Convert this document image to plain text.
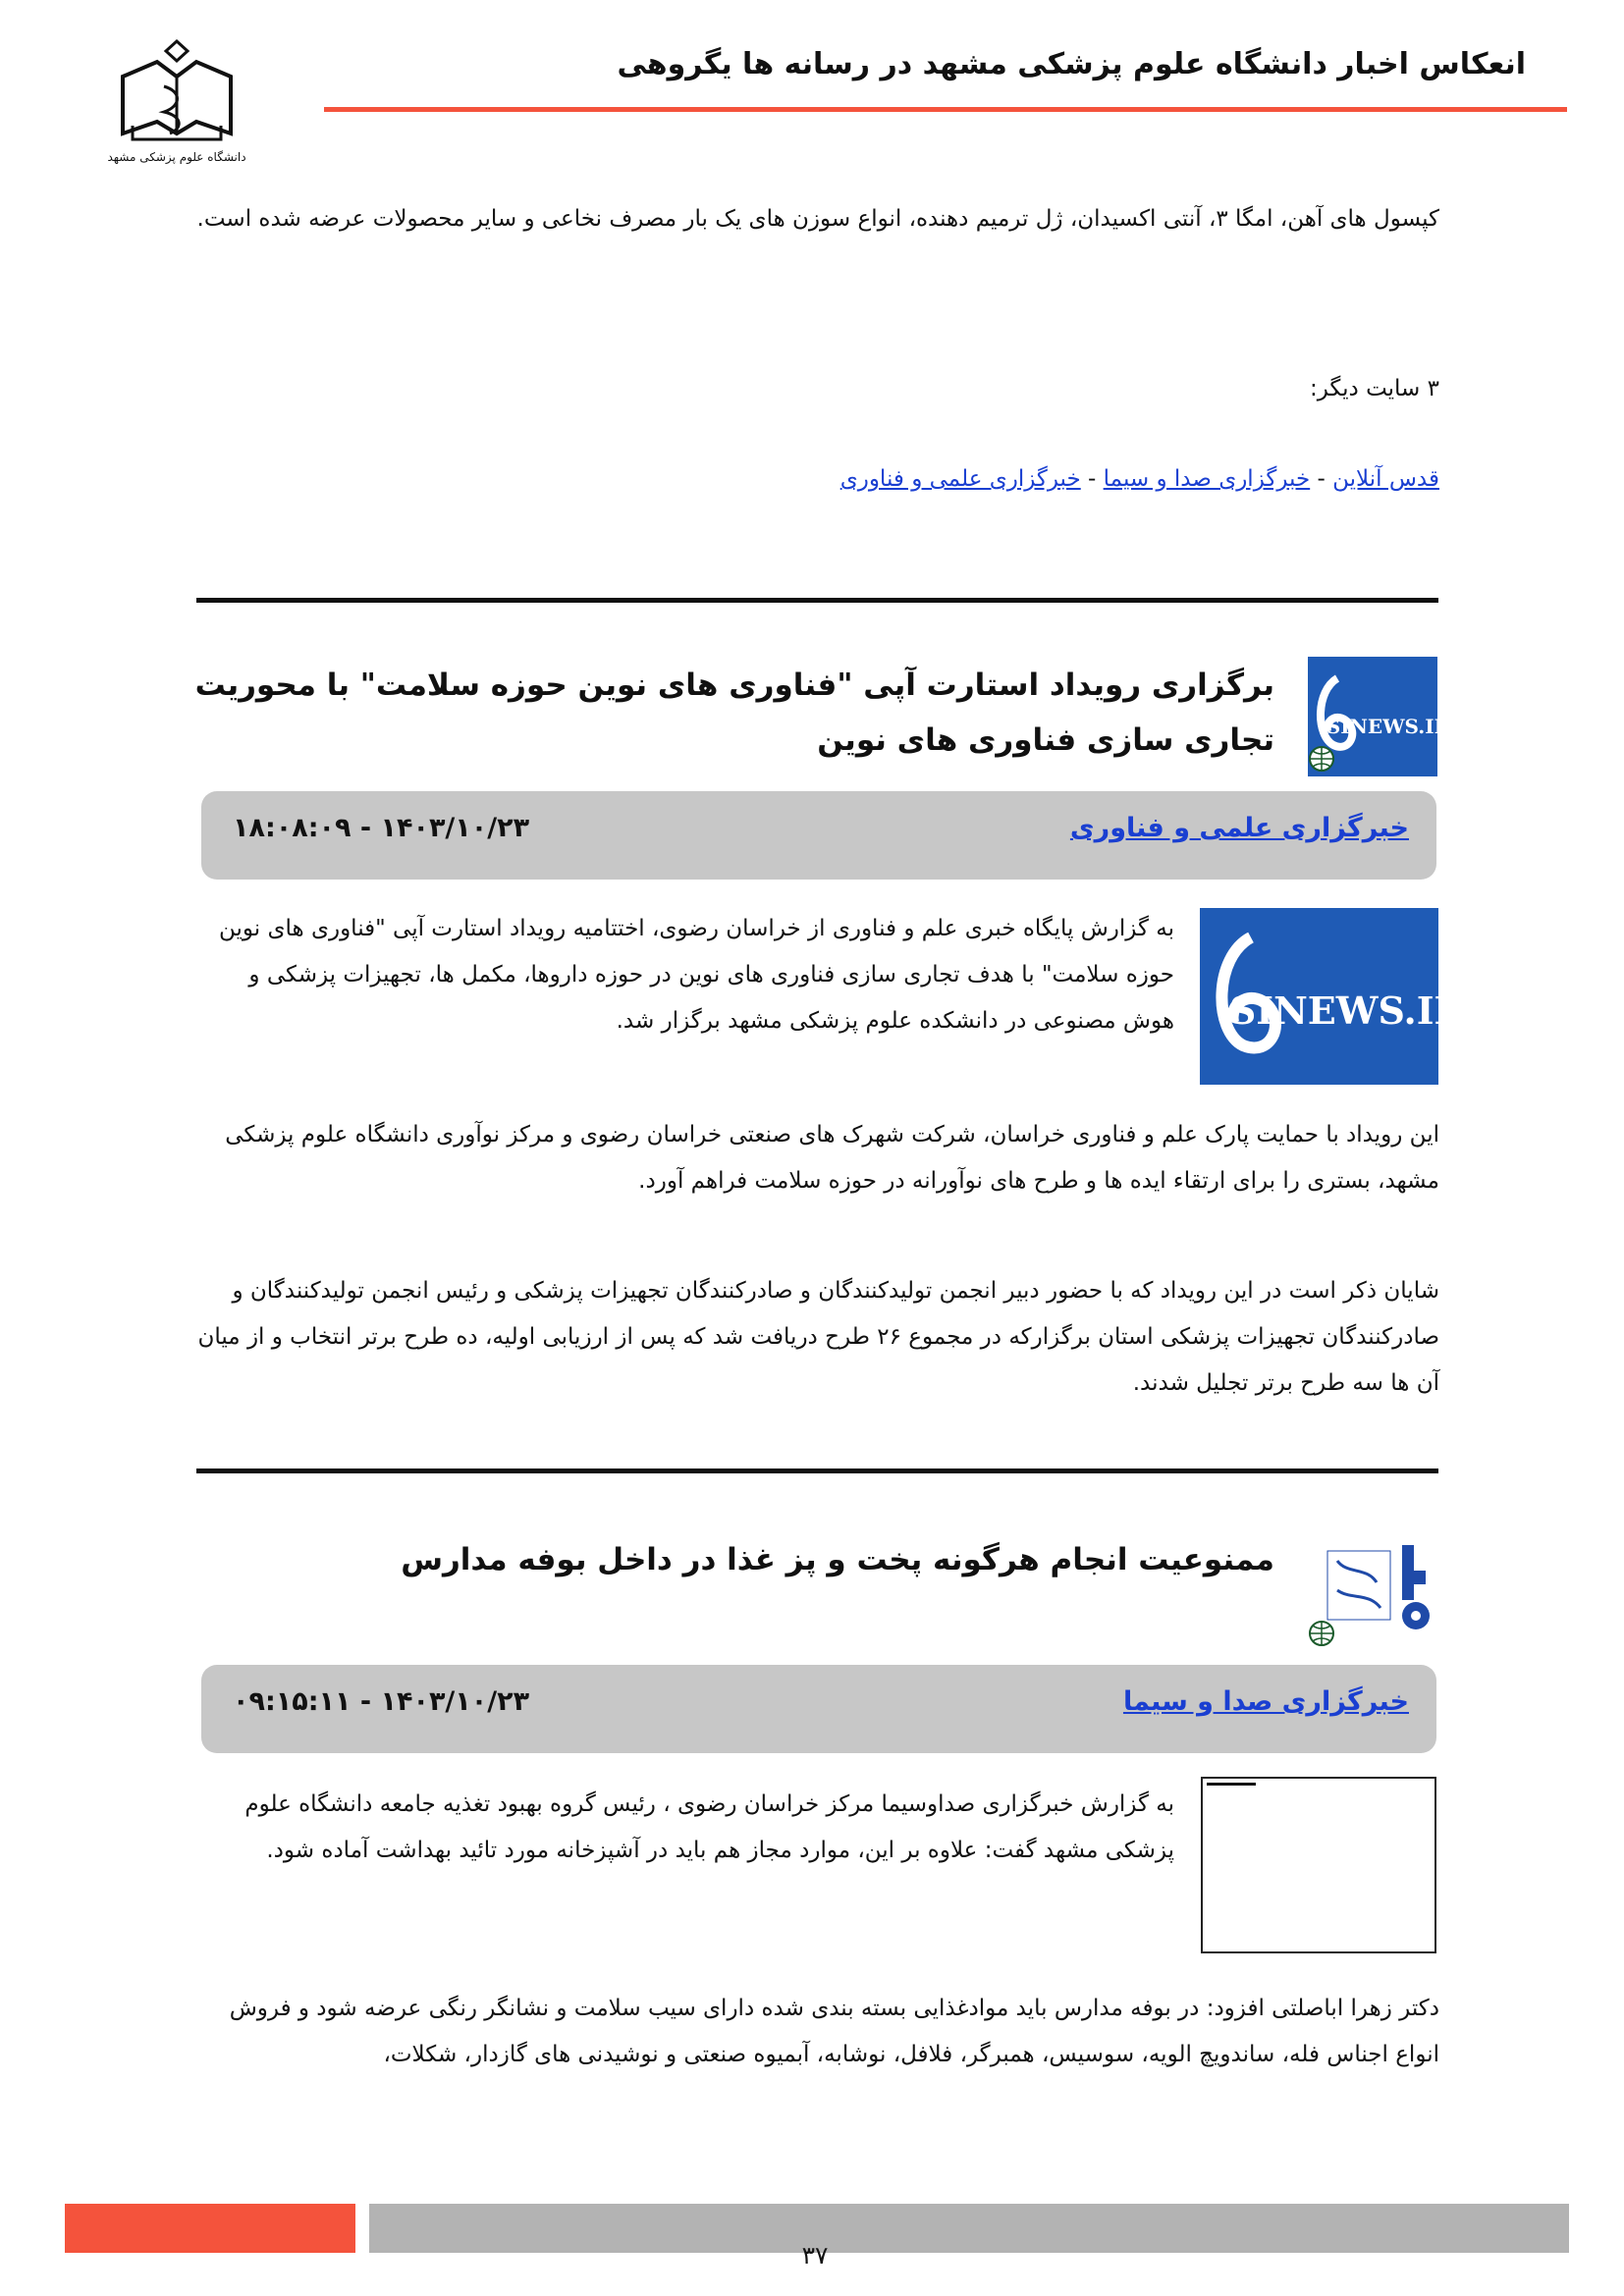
انعکاس اخبار دانشگاه علوم پزشکی مشهد در رسانه ها یگروهی
دانشگاه علوم پزشکی مشهد
کپسول های آهن، امگا ۳، آنتی اکسیدان، ژل ترمیم دهنده، انواع سوزن های یک بار مصرف نخاعی و سایر محصولات عرضه شده است.
۳ سایت دیگر:
قدس آنلاین - خبرگزاری صدا و سیما - خبرگزاری علمی و فناوری
SINEWS.IR
برگزاری رویداد استارت آپی "فناوری های نوین حوزه سلامت" با محوریت تجاری سازی فناوری های نوین
خبرگزاری علمی و فناوری
۱۴۰۳/۱۰/۲۳ - ۱۸:۰۸:۰۹
SINEWS.IR
به گزارش پایگاه خبری علم و فناوری از خراسان رضوی، اختتامیه رویداد استارت آپی "فناوری های نوین حوزه سلامت" با هدف تجاری سازی فناوری های نوین در حوزه داروها، مکمل ها، تجهیزات پزشکی و هوش مصنوعی در دانشکده علوم پزشکی مشهد برگزار شد.
این رویداد با حمایت پارک علم و فناوری خراسان، شرکت شهرک های صنعتی خراسان رضوی و مرکز نوآوری دانشگاه علوم پزشکی مشهد، بستری را برای ارتقاء ایده ها و طرح های نوآورانه در حوزه سلامت فراهم آورد.
شایان ذکر است در این رویداد که با حضور دبیر انجمن تولیدکنندگان و صادرکنندگان تجهیزات پزشکی و رئیس انجمن تولیدکنندگان و صادرکنندگان تجهیزات پزشکی استان برگزارکه در مجموع ۲۶ طرح دریافت شد که پس از ارزیابی اولیه، ده طرح برتر انتخاب و از میان آن ها سه طرح برتر تجلیل شدند.
ممنوعیت انجام هرگونه پخت و پز غذا در داخل بوفه مدارس
خبرگزاری صدا و سیما
۱۴۰۳/۱۰/۲۳ - ۰۹:۱۵:۱۱
به گزارش خبرگزاری صداوسیما مرکز خراسان رضوی ، رئیس گروه بهبود تغذیه جامعه دانشگاه علوم پزشکی مشهد گفت: علاوه بر این، موارد مجاز هم باید در آشپزخانه مورد تائید بهداشت آماده شود.
دکتر زهرا اباصلتی افزود: در بوفه مدارس باید موادغذایی بسته بندی شده دارای سیب سلامت و نشانگر رنگی عرضه شود و فروش انواع اجناس فله، ساندویچ الویه، سوسیس، همبرگر، فلافل، نوشابه، آبمیوه صنعتی و نوشیدنی های گازدار، شکلات،
۳۷
